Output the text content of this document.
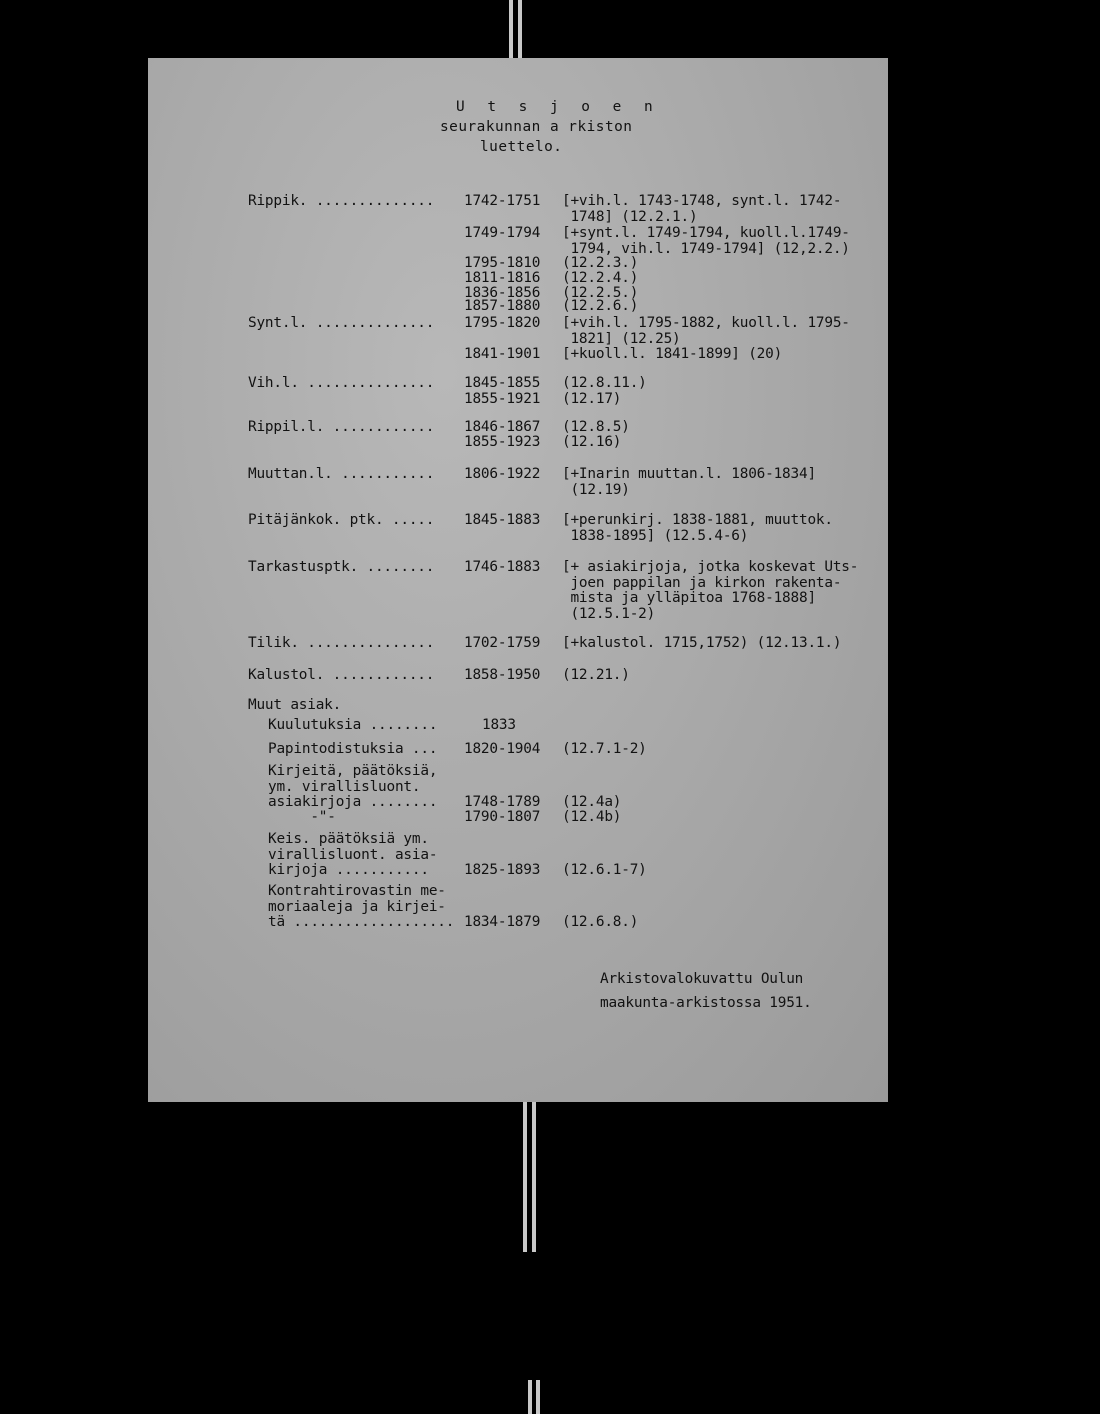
U t s j o e n
seurakunnan a rkiston
luettelo.
Rippik. .............. 1742-1751 [+vih.l. 1743-1748, synt.l. 1742-
1748] (12.2.1.)
1749-1794 [+synt.l. 1749-1794, kuoll.l.1749-
1794, vih.l. 1749-1794] (12,2.2.)
1795-1810 (12.2.3.)
1811-1816 (12.2.4.)
1836-1856 (12.2.5.)
1857-1880 (12.2.6.)
Synt.l. .............. 1795-1820 [+vih.l. 1795-1882, kuoll.l. 1795-
1821] (12.25)
1841-1901 [+kuoll.l. 1841-1899] (20)
Vih.l. ............... 1845-1855 (12.8.11.)
1855-1921 (12.17)
Rippil.l. ............ 1846-1867 (12.8.5)
1855-1923 (12.16)
Muuttan.l. ........... 1806-1922 [+Inarin muuttan.l. 1806-1834]
(12.19)
Pitäjänkok. ptk. ..... 1845-1883 [+perunkirj. 1838-1881, muuttok.
1838-1895] (12.5.4-6)
Tarkastusptk. ........ 1746-1883 [+ asiakirjoja, jotka koskevat Uts-
joen pappilan ja kirkon rakenta-
mista ja ylläpitoa 1768-1888]
(12.5.1-2)
Tilik. ............... 1702-1759 [+kalustol. 1715,1752) (12.13.1.)
Kalustol. ............ 1858-1950 (12.21.)
Muut asiak.
Kuulutuksia ........	1833
Papintodistuksia ... 1820-1904 (12.7.1-2)
Kirjeitä, päätöksiä,
ym. virallisluont.
asiakirjoja ........ 1748-1789 (12.4a)
-"-	1790-1807 (12.4b)
Keis. päätöksiä ym.
virallisluont. asia-
kirjoja ...........	1825-1893 (12.6.1-7)
Kontrahtirovastin me-
moriaaleja ja kirjei-
tä ................... 1834-1879 (12.6.8.)
Arkistovalokuvattu Oulun
maakunta-arkistossa 1951.
